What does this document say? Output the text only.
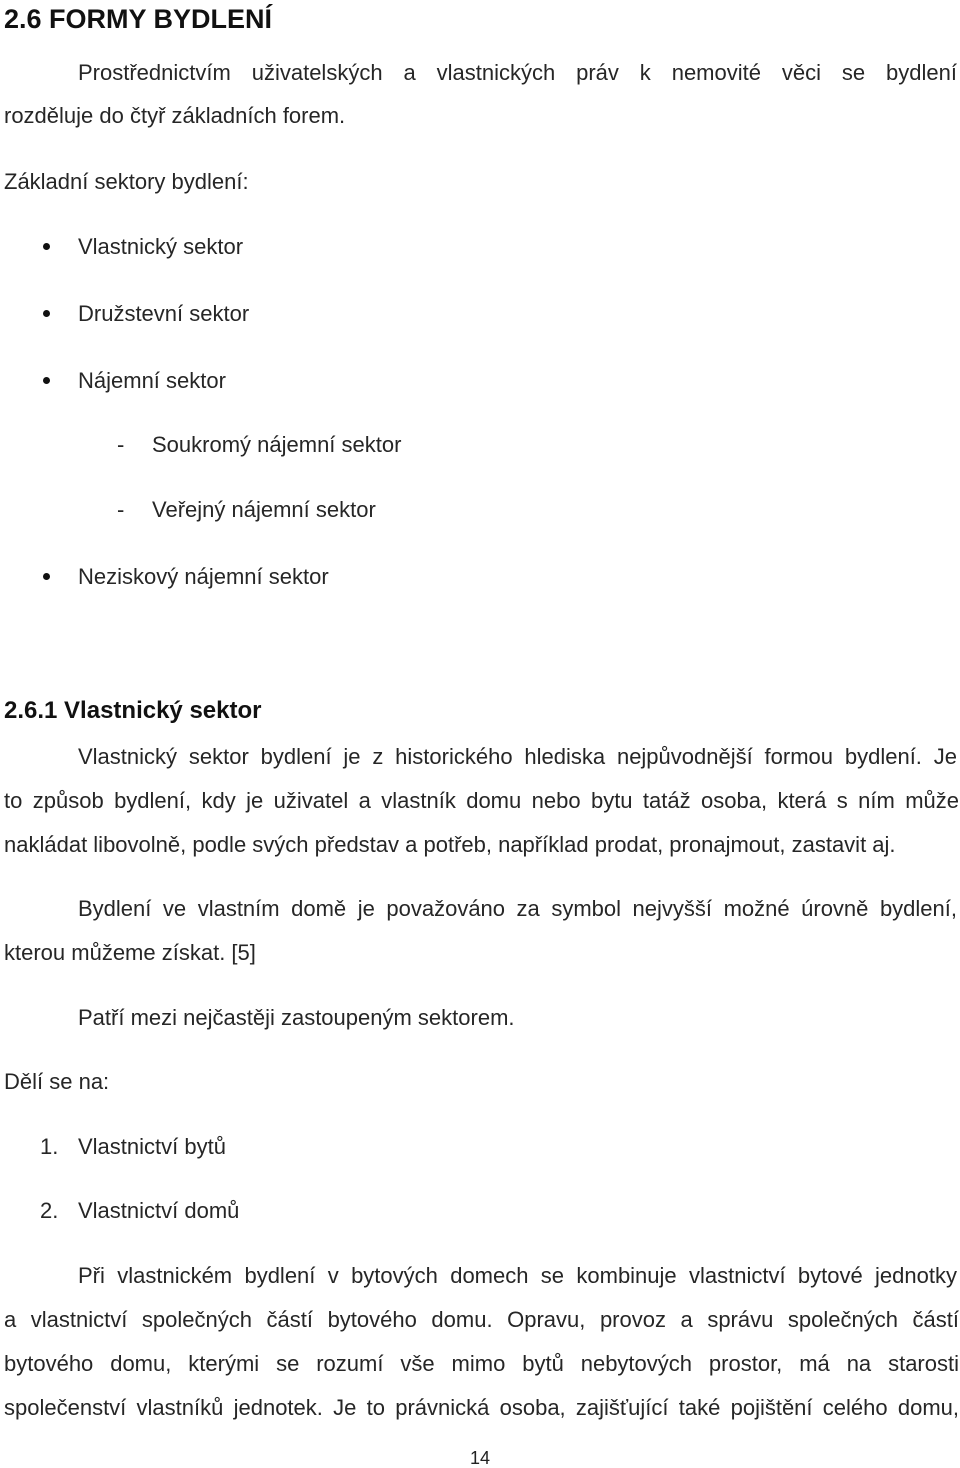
2.6 FORMY BYDLENÍ

Prostřednictvím uživatelských a vlastnických práv k nemovité věci se bydlení

rozděluje do čtyř základních forem.

Základní sektory bydlení:

Vlastnický sektor

Družstevní sektor

Nájemní sektor

- Soukromý nájemní sektor

- Veřejný nájemní sektor

Neziskový nájemní sektor

2.6.1 Vlastnický sektor

Vlastnický sektor bydlení je z historického hlediska nejpůvodnější formou bydlení. Je

to způsob bydlení, kdy je uživatel a vlastník domu nebo bytu tatáž osoba, která s ním může

nakládat libovolně, podle svých představ a potřeb, například prodat, pronajmout, zastavit aj.

Bydlení ve vlastním domě je považováno za symbol nejvyšší možné úrovně bydlení,

kterou můžeme získat. [5]

Patří mezi nejčastěji zastoupeným sektorem.

Dělí se na:

1. Vlastnictví bytů

2. Vlastnictví domů

Při vlastnickém bydlení v bytových domech se kombinuje vlastnictví bytové jednotky

a vlastnictví společných částí bytového domu. Opravu, provoz a správu společných částí

bytového domu, kterými se rozumí vše mimo bytů nebytových prostor, má na starosti

společenství vlastníků jednotek. Je to právnická osoba, zajišťující také pojištění celého domu,

14
